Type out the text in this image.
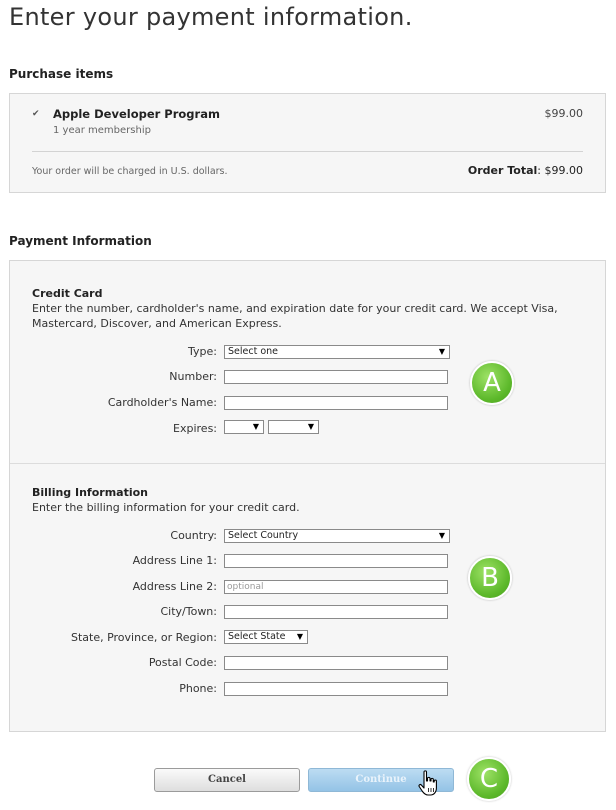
Enter your payment information.
Purchase items
✔ Apple Developer Program
1 year membership
$99.00
Your order will be charged in U.S. dollars.	Order Total: $99.00
Payment Information
Credit Card
Enter the number, cardholder's name, and expiration date for your credit card. We accept Visa, Mastercard, Discover, and American Express.
Type:	Select one	▼
Number:
Cardholder's Name:
Expires:	▼	▼
A
Billing Information
Enter the billing information for your credit card.
Country:	Select Country	▼
Address Line 1:
Address Line 2:	optional
City/Town:
State, Province, or Region:	Select State ▼
Postal Code:
Phone:
B
Cancel	Continue	C
